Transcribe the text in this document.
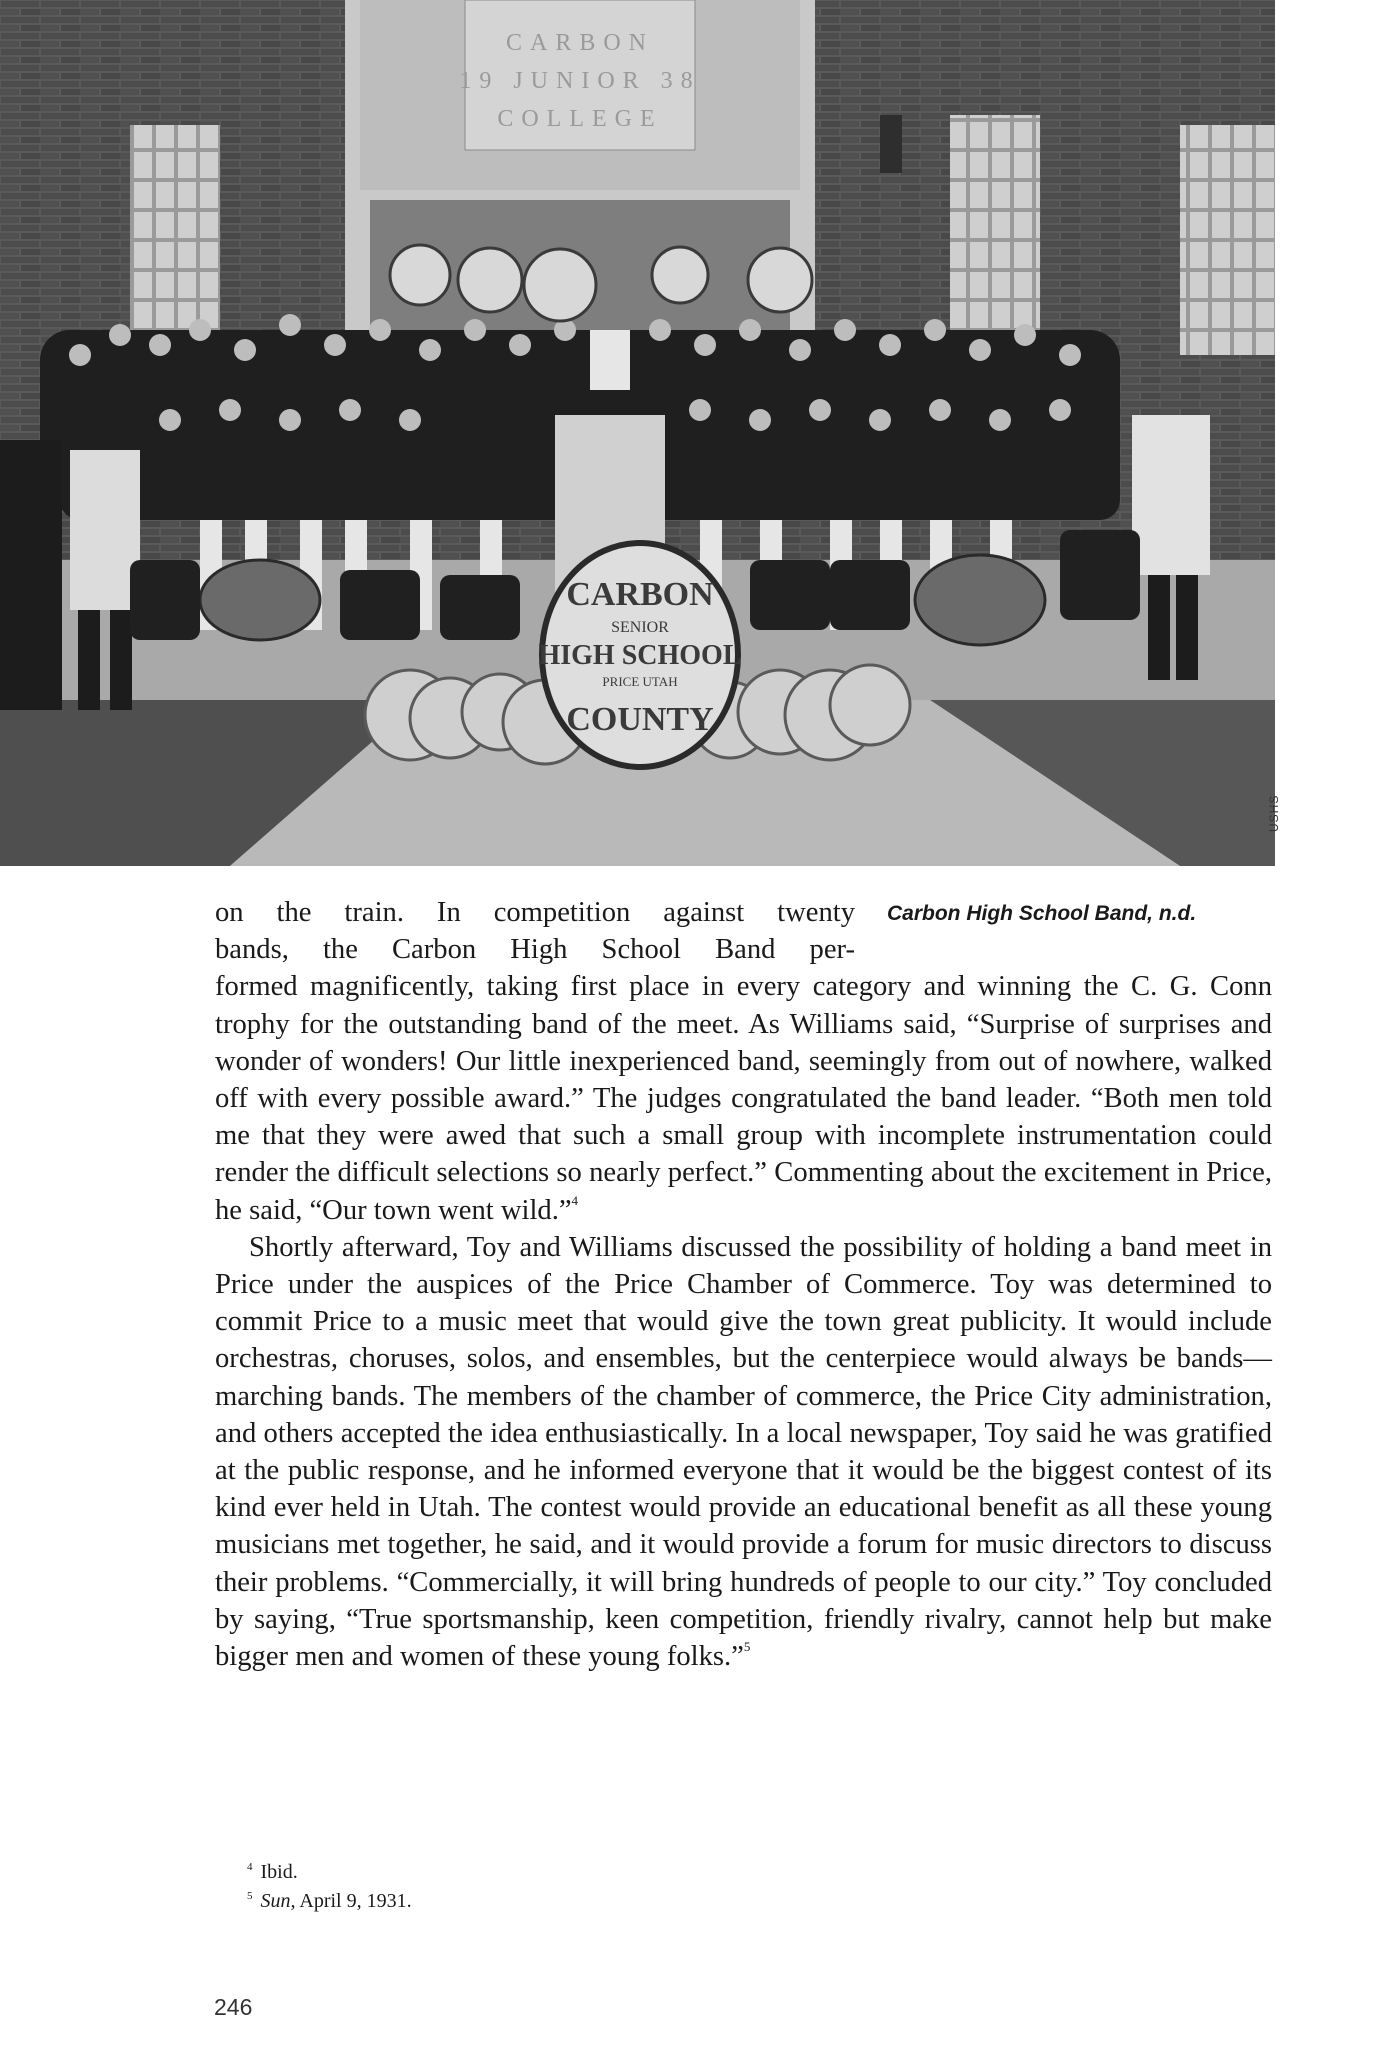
CARBON
19 JUNIOR 38
COLLEGE
CARBON
SENIOR
HIGH SCHOOL
PRICE UTAH
COUNTY
USHS
Carbon High School Band, n.d.
on the train. In competition against twenty
bands, the Carbon High School Band per-

formed magnificently, taking first place in every category and winning the C. G. Conn trophy for the outstanding band of the meet. As Williams said, “Surprise of surprises and wonder of wonders! Our little inexperienced band, seemingly from out of nowhere, walked off with every possible award.” The judges congratulated the band leader. “Both men told me that they were awed that such a small group with incomplete instrumentation could render the difficult selections so nearly perfect.” Commenting about the excitement in Price, he said, “Our town went wild.”$^4$

Shortly afterward, Toy and Williams discussed the possibility of holding a band meet in Price under the auspices of the Price Chamber of Commerce. Toy was determined to commit Price to a music meet that would give the town great publicity. It would include orchestras, choruses, solos, and ensembles, but the centerpiece would always be bands—marching bands. The members of the chamber of commerce, the Price City administration, and others accepted the idea enthusiastically. In a local newspaper, Toy said he was gratified at the public response, and he informed everyone that it would be the biggest contest of its kind ever held in Utah. The contest would provide an educational benefit as all these young musicians met together, he said, and it would provide a forum for music directors to discuss their problems. “Commercially, it will bring hundreds of people to our city.” Toy concluded by saying, “True sportsmanship, keen competition, friendly rivalry, cannot help but make bigger men and women of these young folks.”$^5$

$^4$ Ibid.
$^5$ Sun, April 9, 1931.
246
